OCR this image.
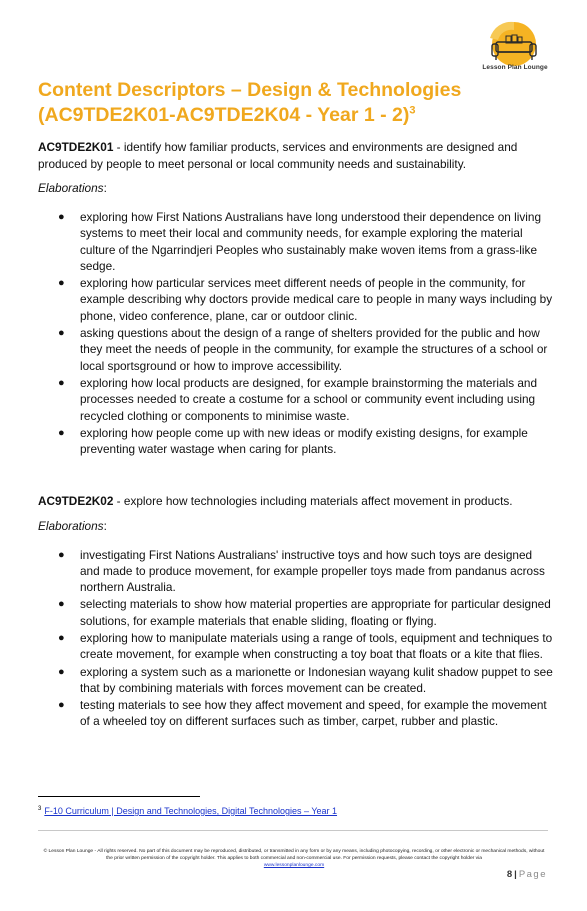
Lesson Plan Lounge
Content Descriptors – Design & Technologies
(AC9TDE2K01-AC9TDE2K04 - Year 1 - 2)$^3$

AC9TDE2K01 - identify how familiar products, services and environments are designed and produced by people to meet personal or local community needs and sustainability.

Elaborations:

● exploring how First Nations Australians have long understood their dependence on living systems to meet their local and community needs, for example exploring the material culture of the Ngarrindjeri Peoples who sustainably make woven items from a grass-like sedge.
● exploring how particular services meet different needs of people in the community, for example describing why doctors provide medical care to people in many ways including by phone, video conference, plane, car or outdoor clinic.
● asking questions about the design of a range of shelters provided for the public and how they meet the needs of people in the community, for example the structures of a school or local sportsground or how to improve accessibility.
● exploring how local products are designed, for example brainstorming the materials and processes needed to create a costume for a school or community event including using recycled clothing or components to minimise waste.
● exploring how people come up with new ideas or modify existing designs, for example preventing water wastage when caring for plants.

AC9TDE2K02 - explore how technologies including materials affect movement in products.

Elaborations:

● investigating First Nations Australians' instructive toys and how such toys are designed and made to produce movement, for example propeller toys made from pandanus across northern Australia.
● selecting materials to show how material properties are appropriate for particular designed solutions, for example materials that enable sliding, floating or flying.
● exploring how to manipulate materials using a range of tools, equipment and techniques to create movement, for example when constructing a toy boat that floats or a kite that flies.
● exploring a system such as a marionette or Indonesian wayang kulit shadow puppet to see that by combining materials with forces movement can be created.
● testing materials to see how they affect movement and speed, for example the movement of a wheeled toy on different surfaces such as timber, carpet, rubber and plastic.
$^3$ F-10 Curriculum | Design and Technologies, Digital Technologies – Year 1
© Lesson Plan Lounge - All rights reserved. No part of this document may be reproduced, distributed, or transmitted in any form or by any means, including photocopying, recording, or other electronic or mechanical methods, without the prior written permission of the copyright holder. This applies to both commercial and non-commercial use. For permission requests, please contact the copyright holder via
www.lessonplanlounge.com
8 | Page
